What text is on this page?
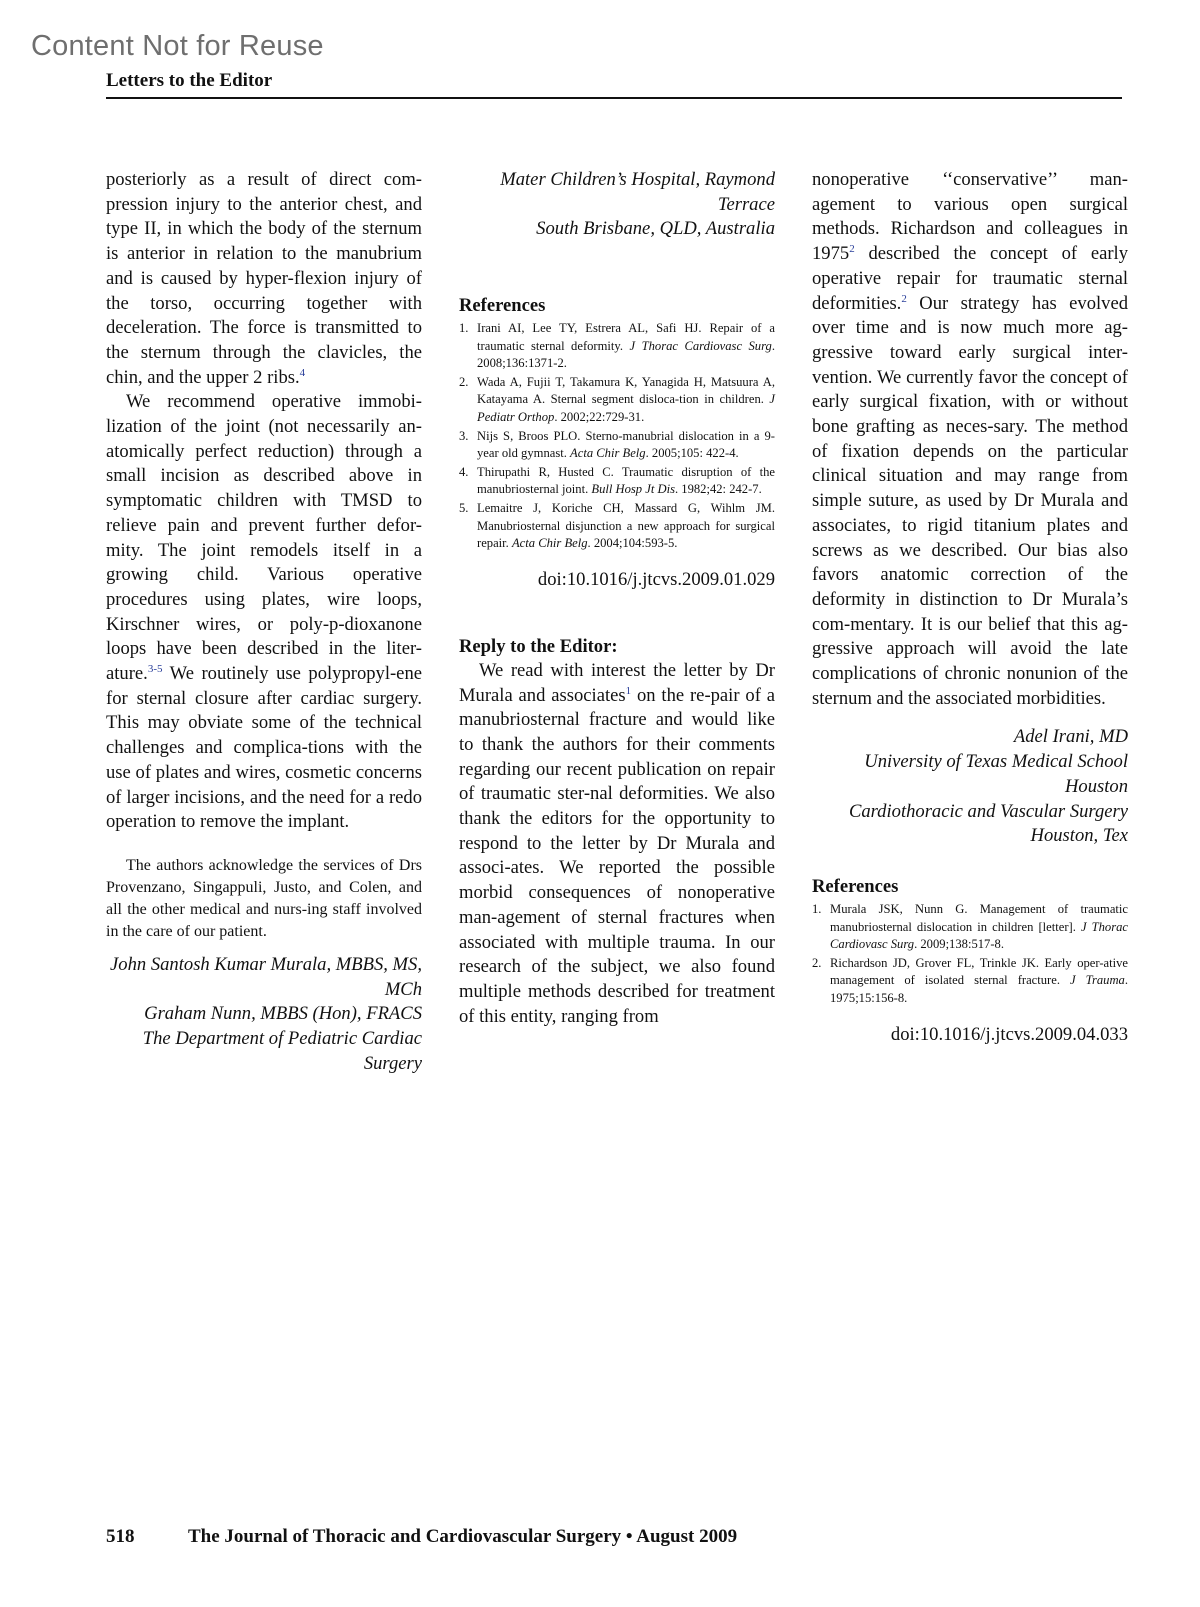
Content Not for Reuse
Letters to the Editor

posteriorly as a result of direct com-pression injury to the anterior chest, and type II, in which the body of the sternum is anterior in relation to the manubrium and is caused by hyper-flexion injury of the torso, occurring together with deceleration. The force is transmitted to the sternum through the clavicles, the chin, and the upper 2 ribs.$^4$

We recommend operative immobi-lization of the joint (not necessarily an-atomically perfect reduction) through a small incision as described above in symptomatic children with TMSD to relieve pain and prevent further defor-mity. The joint remodels itself in a growing child. Various operative procedures using plates, wire loops, Kirschner wires, or poly-p-dioxanone loops have been described in the liter-ature.$^{3-5}$ We routinely use polypropyl-ene for sternal closure after cardiac surgery. This may obviate some of the technical challenges and complica-tions with the use of plates and wires, cosmetic concerns of larger incisions, and the need for a redo operation to remove the implant.

The authors acknowledge the services of Drs Provenzano, Singappuli, Justo, and Colen, and all the other medical and nurs-ing staff involved in the care of our patient.

John Santosh Kumar Murala, MBBS, MS, MCh

Graham Nunn, MBBS (Hon), FRACS

The Department of Pediatric Cardiac Surgery

Mater Children’s Hospital, Raymond Terrace

South Brisbane, QLD, Australia

References

1. Irani AI, Lee TY, Estrera AL, Safi HJ. Repair of a traumatic sternal deformity. J Thorac Cardiovasc Surg. 2008;136:1371-2.
2. Wada A, Fujii T, Takamura K, Yanagida H, Matsuura A, Katayama A. Sternal segment disloca-tion in children. J Pediatr Orthop. 2002;22:729-31.
3. Nijs S, Broos PLO. Sterno-manubrial dislocation in a 9-year old gymnast. Acta Chir Belg. 2005;105: 422-4.
4. Thirupathi R, Husted C. Traumatic disruption of the manubriosternal joint. Bull Hosp Jt Dis. 1982;42: 242-7.
5. Lemaitre J, Koriche CH, Massard G, Wihlm JM. Manubriosternal disjunction a new approach for surgical repair. Acta Chir Belg. 2004;104:593-5.

doi:10.1016/j.jtcvs.2009.01.029

Reply to the Editor:

We read with interest the letter by Dr Murala and associates$^1$ on the re-pair of a manubriosternal fracture and would like to thank the authors for their comments regarding our recent publication on repair of traumatic ster-nal deformities. We also thank the editors for the opportunity to respond to the letter by Dr Murala and associ-ates. We reported the possible morbid consequences of nonoperative man-agement of sternal fractures when associated with multiple trauma. In our research of the subject, we also found multiple methods described for treatment of this entity, ranging from

nonoperative ‘‘conservative’’ man-agement to various open surgical methods. Richardson and colleagues in 1975$^2$ described the concept of early operative repair for traumatic sternal deformities.$^2$ Our strategy has evolved over time and is now much more ag-gressive toward early surgical inter-vention. We currently favor the concept of early surgical fixation, with or without bone grafting as neces-sary. The method of fixation depends on the particular clinical situation and may range from simple suture, as used by Dr Murala and associates, to rigid titanium plates and screws as we described. Our bias also favors anatomic correction of the deformity in distinction to Dr Murala’s com-mentary. It is our belief that this ag-gressive approach will avoid the late complications of chronic nonunion of the sternum and the associated morbidities.

Adel Irani, MD

University of Texas Medical School Houston

Cardiothoracic and Vascular Surgery Houston, Tex

References

1. Murala JSK, Nunn G. Management of traumatic manubriosternal dislocation in children [letter]. J Thorac Cardiovasc Surg. 2009;138:517-8.
2. Richardson JD, Grover FL, Trinkle JK. Early oper-ative management of isolated sternal fracture. J Trauma. 1975;15:156-8.

doi:10.1016/j.jtcvs.2009.04.033

518	The Journal of Thoracic and Cardiovascular Surgery • August 2009
